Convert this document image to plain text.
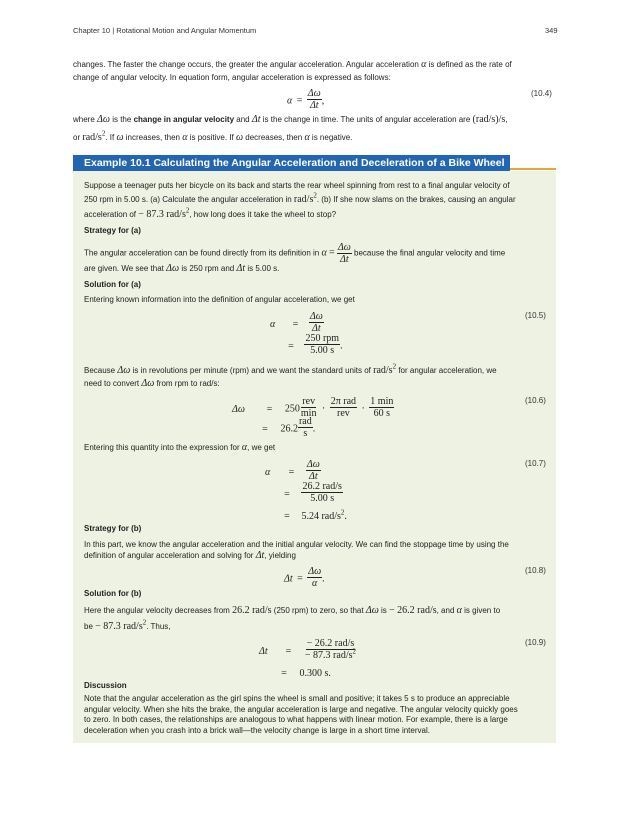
Chapter 10 | Rotational Motion and Angular Momentum	349
changes. The faster the change occurs, the greater the angular acceleration. Angular acceleration α is defined as the rate of
change of angular velocity. In equation form, angular acceleration is expressed as follows:
$\alpha = \frac{\Delta\omega}{\Delta t}$ ,
(10.4)
where Δω is the change in angular velocity and Δt is the change in time. The units of angular acceleration are (rad/s)/s,
or rad/$s^2$. If ω increases, then α is positive. If ω decreases, then α is negative.
Example 10.1 Calculating the Angular Acceleration and Deceleration of a Bike Wheel
Suppose a teenager puts her bicycle on its back and starts the rear wheel spinning from rest to a final angular velocity of
250 rpm in 5.00 s. (a) Calculate the angular acceleration in rad/$s^2$. (b) If she now slams on the brakes, causing an angular
acceleration of − 87.3 rad/$s^2$, how long does it take the wheel to stop?
Strategy for (a)
The angular acceleration can be found directly from its definition in $\alpha = \frac{\Delta\omega}{\Delta t}$ because the final angular velocity and time
are given. We see that Δω is 250 rpm and Δt is 5.00 s.
Solution for (a)
Entering known information into the definition of angular acceleration, we get
$\alpha = \frac{\Delta\omega}{\Delta t}$
= $\frac{\text{250 rpm}}{5.00 s}$ .
(10.5)
Because Δω is in revolutions per minute (rpm) and we want the standard units of rad/$s^2$ for angular acceleration, we
need to convert Δω from rpm to rad/s:
$\Delta\omega = 250 \frac{\text{rev}}{\min} \cdot \frac{\text{2π rad}}{\text{rev}} \cdot \frac{1 \min}{60 s}$
= $26.2 \frac{\text{rad}}{s}$ .
(10.6)
Entering this quantity into the expression for α, we get
$\alpha = \frac{\Delta\omega}{\Delta t}$
= $\frac{\text{26.2 rad/s}}{5.00 s}$
= 5.24 rad/$s^2$.
(10.7)
Strategy for (b)
In this part, we know the angular acceleration and the initial angular velocity. We can find the stoppage time by using the
definition of angular acceleration and solving for Δt, yielding
$\Delta t = \frac{\Delta\omega}{\alpha}$ .
(10.8)
Solution for (b)
Here the angular velocity decreases from 26.2 rad/s (250 rpm) to zero, so that Δω is − 26.2 rad/s, and α is given to
be − 87.3 rad/$s^2$. Thus,
$\Delta t = \frac{\text{− 26.2 rad/s}}{- 87.3 rad/s^2}$
= 0.300 s.
(10.9)
Discussion
Note that the angular acceleration as the girl spins the wheel is small and positive; it takes 5 s to produce an appreciable
angular velocity. When she hits the brake, the angular acceleration is large and negative. The angular velocity quickly goes
to zero. In both cases, the relationships are analogous to what happens with linear motion. For example, there is a large
deceleration when you crash into a brick wall—the velocity change is large in a short time interval.
